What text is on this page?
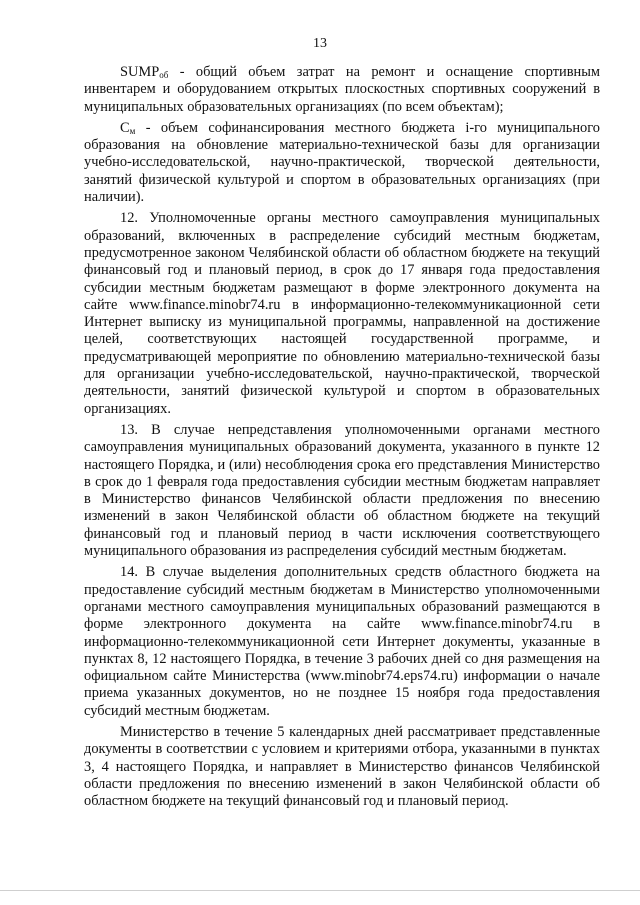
13

$SUMP_{об}$ - общий объем затрат на ремонт и оснащение спортивным инвентарем и оборудованием открытых плоскостных спортивных сооружений в муниципальных образовательных организациях (по всем объектам);

$С_м$ - объем софинансирования местного бюджета i-го муниципального образования на обновление материально-технической базы для организации учебно-исследовательской, научно-практической, творческой деятельности, занятий физической культурой и спортом в образовательных организациях (при наличии).

12. Уполномоченные органы местного самоуправления муниципальных образований, включенных в распределение субсидий местным бюджетам, предусмотренное законом Челябинской области об областном бюджете на текущий финансовый год и плановый период, в срок до 17 января года предоставления субсидии местным бюджетам размещают в форме электронного документа на сайте www.finance.minobr74.ru в информационно-телекоммуникационной сети Интернет выписку из муниципальной программы, направленной на достижение целей, соответствующих настоящей государственной программе, и предусматривающей мероприятие по обновлению материально-технической базы для организации учебно-исследовательской, научно-практической, творческой деятельности, занятий физической культурой и спортом в образовательных организациях.

13. В случае непредставления уполномоченными органами местного самоуправления муниципальных образований документа, указанного в пункте 12 настоящего Порядка, и (или) несоблюдения срока его представления Министерство в срок до 1 февраля года предоставления субсидии местным бюджетам направляет в Министерство финансов Челябинской области предложения по внесению изменений в закон Челябинской области об областном бюджете на текущий финансовый год и плановый период в части исключения соответствующего муниципального образования из распределения субсидий местным бюджетам.

14. В случае выделения дополнительных средств областного бюджета на предоставление субсидий местным бюджетам в Министерство уполномоченными органами местного самоуправления муниципальных образований размещаются в форме электронного документа на сайте www.finance.minobr74.ru в информационно-телекоммуникационной сети Интернет документы, указанные в пунктах 8, 12 настоящего Порядка, в течение 3 рабочих дней со дня размещения на официальном сайте Министерства (www.minobr74.eps74.ru) информации о начале приема указанных документов, но не позднее 15 ноября года предоставления субсидий местным бюджетам.

Министерство в течение 5 календарных дней рассматривает представленные документы в соответствии с условием и критериями отбора, указанными в пунктах 3, 4 настоящего Порядка, и направляет в Министерство финансов Челябинской области предложения по внесению изменений в закон Челябинской области об областном бюджете на текущий финансовый год и плановый период.
